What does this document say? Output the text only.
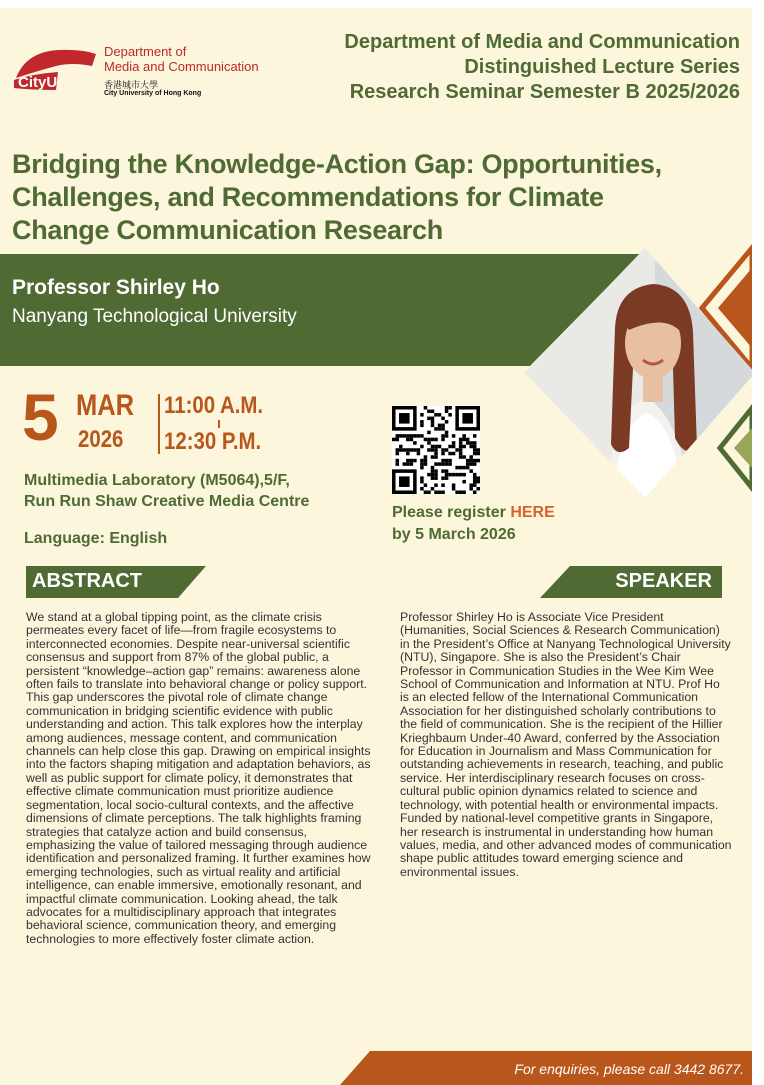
CityU
Department of
Media and Communication
香港城市大學
City University of Hong Kong
Department of Media and Communication
Distinguished Lecture Series
Research Seminar Semester B 2025/2026
Bridging the Knowledge-Action Gap: Opportunities,
Challenges, and Recommendations for Climate
Change Communication Research
Professor Shirley Ho
Nanyang Technological University
5 MAR
2026
11:00 A.M.
12:30 P.M.
Multimedia Laboratory (M5064),5/F,
Run Run Shaw Creative Media Centre
Language: English
Please register HERE
by 5 March 2026
ABSTRACT	SPEAKER
We stand at a global tipping point, as the climate crisis permeates every facet of life—from fragile ecosystems to interconnected economies. Despite near-universal scientific consensus and support from 87% of the global public, a persistent “knowledge–action gap” remains: awareness alone often fails to translate into behavioral change or policy support. This gap underscores the pivotal role of climate change communication in bridging scientific evidence with public understanding and action. This talk explores how the interplay among audiences, message content, and communication channels can help close this gap. Drawing on empirical insights into the factors shaping mitigation and adaptation behaviors, as well as public support for climate policy, it demonstrates that effective climate communication must prioritize audience segmentation, local socio-cultural contexts, and the affective dimensions of climate perceptions. The talk highlights framing strategies that catalyze action and build consensus, emphasizing the value of tailored messaging through audience identification and personalized framing. It further examines how emerging technologies, such as virtual reality and artificial intelligence, can enable immersive, emotionally resonant, and impactful climate communication. Looking ahead, the talk advocates for a multidisciplinary approach that integrates behavioral science, communication theory, and emerging technologies to more effectively foster climate action.
Professor Shirley Ho is Associate Vice President (Humanities, Social Sciences & Research Communication) in the President’s Office at Nanyang Technological University (NTU), Singapore. She is also the President’s Chair Professor in Communication Studies in the Wee Kim Wee School of Communication and Information at NTU. Prof Ho is an elected fellow of the International Communication Association for her distinguished scholarly contributions to the field of communication. She is the recipient of the Hillier Krieghbaum Under-40 Award, conferred by the Association for Education in Journalism and Mass Communication for outstanding achievements in research, teaching, and public service. Her interdisciplinary research focuses on cross-cultural public opinion dynamics related to science and technology, with potential health or environmental impacts. Funded by national-level competitive grants in Singapore, her research is instrumental in understanding how human values, media, and other advanced modes of communication shape public attitudes toward emerging science and environmental issues.
For enquiries, please call 3442 8677.
